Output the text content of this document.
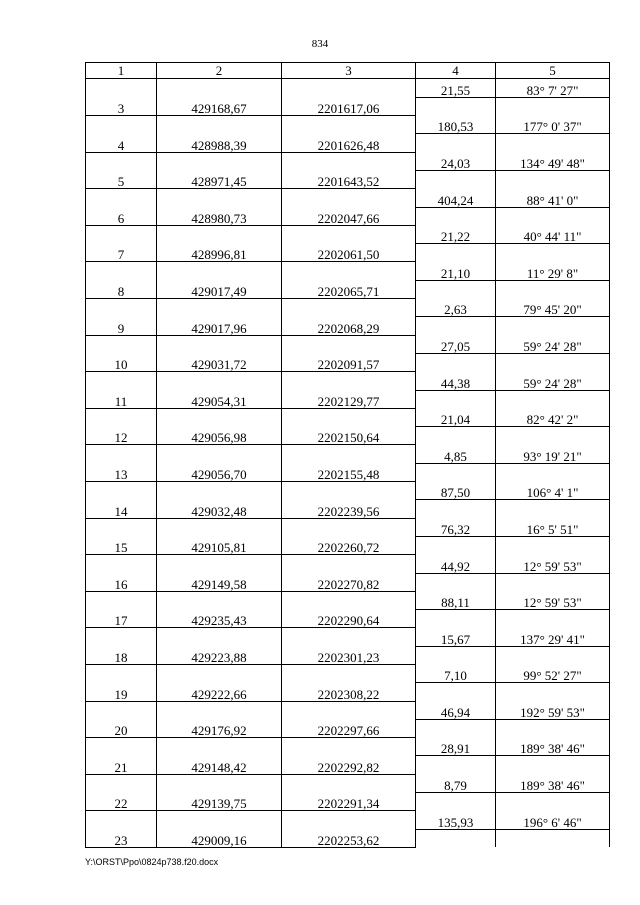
834
1	2	3	4	5
			21,55	83° 7' 27"
3	429168,67	2201617,06		
			180,53	177° 0' 37"
4	428988,39	2201626,48		
			24,03	134° 49' 48"
5	428971,45	2201643,52		
			404,24	88° 41' 0"
6	428980,73	2202047,66		
			21,22	40° 44' 11"
7	428996,81	2202061,50		
			21,10	11° 29' 8"
8	429017,49	2202065,71		
			2,63	79° 45' 20"
9	429017,96	2202068,29		
			27,05	59° 24' 28"
10	429031,72	2202091,57		
			44,38	59° 24' 28"
11	429054,31	2202129,77		
			21,04	82° 42' 2"
12	429056,98	2202150,64		
			4,85	93° 19' 21"
13	429056,70	2202155,48		
			87,50	106° 4' 1"
14	429032,48	2202239,56		
			76,32	16° 5' 51"
15	429105,81	2202260,72		
			44,92	12° 59' 53"
16	429149,58	2202270,82		
			88,11	12° 59' 53"
17	429235,43	2202290,64		
			15,67	137° 29' 41"
18	429223,88	2202301,23		
			7,10	99° 52' 27"
19	429222,66	2202308,22		
			46,94	192° 59' 53"
20	429176,92	2202297,66		
			28,91	189° 38' 46"
21	429148,42	2202292,82		
			8,79	189° 38' 46"
22	429139,75	2202291,34		
			135,93	196° 6' 46"
23	429009,16	2202253,62		
Y:\ORST\Ppo\0824p738.f20.docx
